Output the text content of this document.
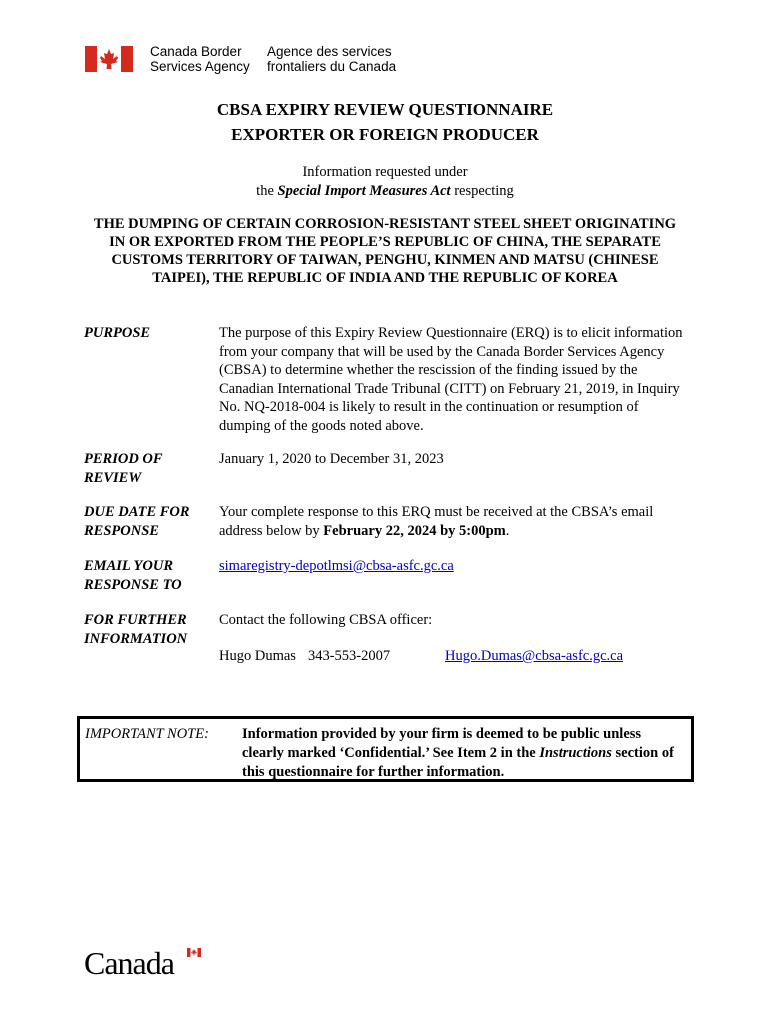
Canada Border
Services Agency
Agence des services
frontaliers du Canada
CBSA EXPIRY REVIEW QUESTIONNAIRE
EXPORTER OR FOREIGN PRODUCER
Information requested under
the Special Import Measures Act respecting
THE DUMPING OF CERTAIN CORROSION-RESISTANT STEEL SHEET ORIGINATING IN OR EXPORTED FROM THE PEOPLE’S REPUBLIC OF CHINA, THE SEPARATE CUSTOMS TERRITORY OF TAIWAN, PENGHU, KINMEN AND MATSU (CHINESE TAIPEI), THE REPUBLIC OF INDIA AND THE REPUBLIC OF KOREA
PURPOSE	The purpose of this Expiry Review Questionnaire (ERQ) is to elicit information from your company that will be used by the Canada Border Services Agency (CBSA) to determine whether the rescission of the finding issued by the Canadian International Trade Tribunal (CITT) on February 21, 2019, in Inquiry No. NQ-2018-004 is likely to result in the continuation or resumption of dumping of the goods noted above.
PERIOD OF REVIEW
January 1, 2020 to December 31, 2023
DUE DATE FOR RESPONSE
Your complete response to this ERQ must be received at the CBSA’s email address below by February 22, 2024 by 5:00pm.
EMAIL YOUR RESPONSE TO
simaregistry-depotlmsi@cbsa-asfc.gc.ca
FOR FURTHER INFORMATION
Contact the following CBSA officer:
Hugo Dumas 343-553-2007	Hugo.Dumas@cbsa-asfc.gc.ca
IMPORTANT NOTE: Information provided by your firm is deemed to be public unless clearly marked ‘Confidential.’ See Item 2 in the Instructions section of this questionnaire for further information.
Canada
